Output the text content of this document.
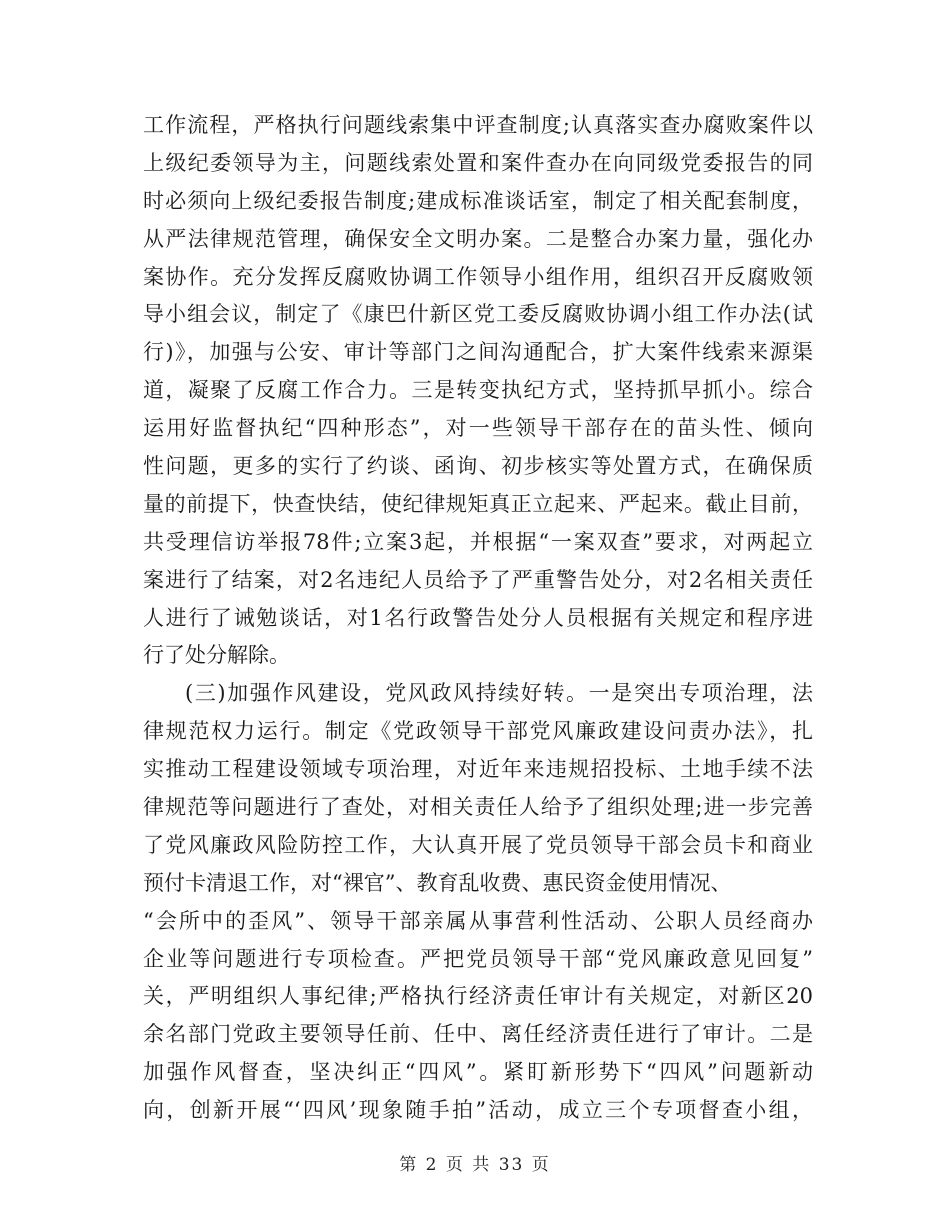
工作流程，严格执行问题线索集中评查制度;认真落实查办腐败案件以
上级纪委领导为主，问题线索处置和案件查办在向同级党委报告的同
时必须向上级纪委报告制度;建成标准谈话室，制定了相关配套制度，
从严法律规范管理，确保安全文明办案。二是整合办案力量，强化办
案协作。充分发挥反腐败协调工作领导小组作用，组织召开反腐败领
导小组会议，制定了《康巴什新区党工委反腐败协调小组工作办法(试
行)》，加强与公安、审计等部门之间沟通配合，扩大案件线索来源渠
道，凝聚了反腐工作合力。三是转变执纪方式，坚持抓早抓小。综合
运用好监督执纪“四种形态”，对一些领导干部存在的苗头性、倾向
性问题，更多的实行了约谈、函询、初步核实等处置方式，在确保质
量的前提下，快查快结，使纪律规矩真正立起来、严起来。截止目前，
共受理信访举报78件;立案3起，并根据“一案双查”要求，对两起立
案进行了结案，对2名违纪人员给予了严重警告处分，对2名相关责任
人进行了诫勉谈话，对1名行政警告处分人员根据有关规定和程序进
行了处分解除。
(三)加强作风建设，党风政风持续好转。一是突出专项治理，法
律规范权力运行。制定《党政领导干部党风廉政建设问责办法》，扎
实推动工程建设领域专项治理，对近年来违规招投标、土地手续不法
律规范等问题进行了查处，对相关责任人给予了组织处理;进一步完善
了党风廉政风险防控工作，大认真开展了党员领导干部会员卡和商业
预付卡清退工作，对“裸官”、教育乱收费、惠民资金使用情况、
“会所中的歪风”、领导干部亲属从事营利性活动、公职人员经商办
企业等问题进行专项检查。严把党员领导干部“党风廉政意见回复”
关，严明组织人事纪律;严格执行经济责任审计有关规定，对新区20
余名部门党政主要领导任前、任中、离任经济责任进行了审计。二是
加强作风督查，坚决纠正“四风”。紧盯新形势下“四风”问题新动
向，创新开展“‘四风’现象随手拍”活动，成立三个专项督查小组，
第 2 页 共 33 页
